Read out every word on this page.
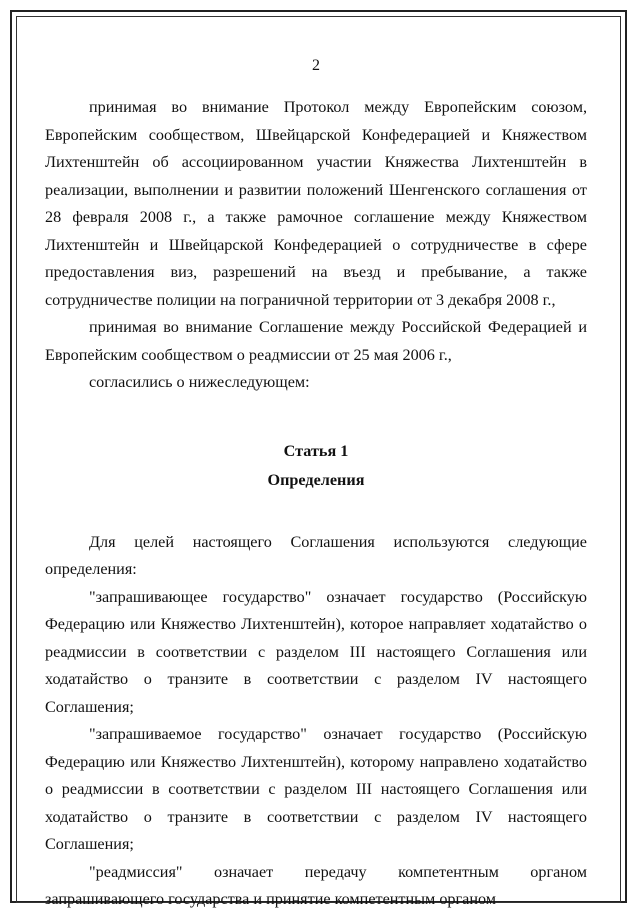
2

принимая во внимание Протокол между Европейским союзом, Европейским сообществом, Швейцарской Конфедерацией и Княжеством Лихтенштейн об ассоциированном участии Княжества Лихтенштейн в реализации, выполнении и развитии положений Шенгенского соглашения от 28 февраля 2008 г., а также рамочное соглашение между Княжеством Лихтенштейн и Швейцарской Конфедерацией о сотрудничестве в сфере предоставления виз, разрешений на въезд и пребывание, а также сотрудничестве полиции на пограничной территории от 3 декабря 2008 г.,

принимая во внимание Соглашение между Российской Федерацией и Европейским сообществом о реадмиссии от 25 мая 2006 г.,

согласились о нижеследующем:

Статья 1

Определения

Для целей настоящего Соглашения используются следующие определения:

"запрашивающее государство" означает государство (Российскую Федерацию или Княжество Лихтенштейн), которое направляет ходатайство о реадмиссии в соответствии с разделом III настоящего Соглашения или ходатайство о транзите в соответствии с разделом IV настоящего Соглашения;

"запрашиваемое государство" означает государство (Российскую Федерацию или Княжество Лихтенштейн), которому направлено ходатайство о реадмиссии в соответствии с разделом III настоящего Соглашения или ходатайство о транзите в соответствии с разделом IV настоящего Соглашения;

"реадмиссия" означает передачу компетентным органом запрашивающего государства и принятие компетентным органом
